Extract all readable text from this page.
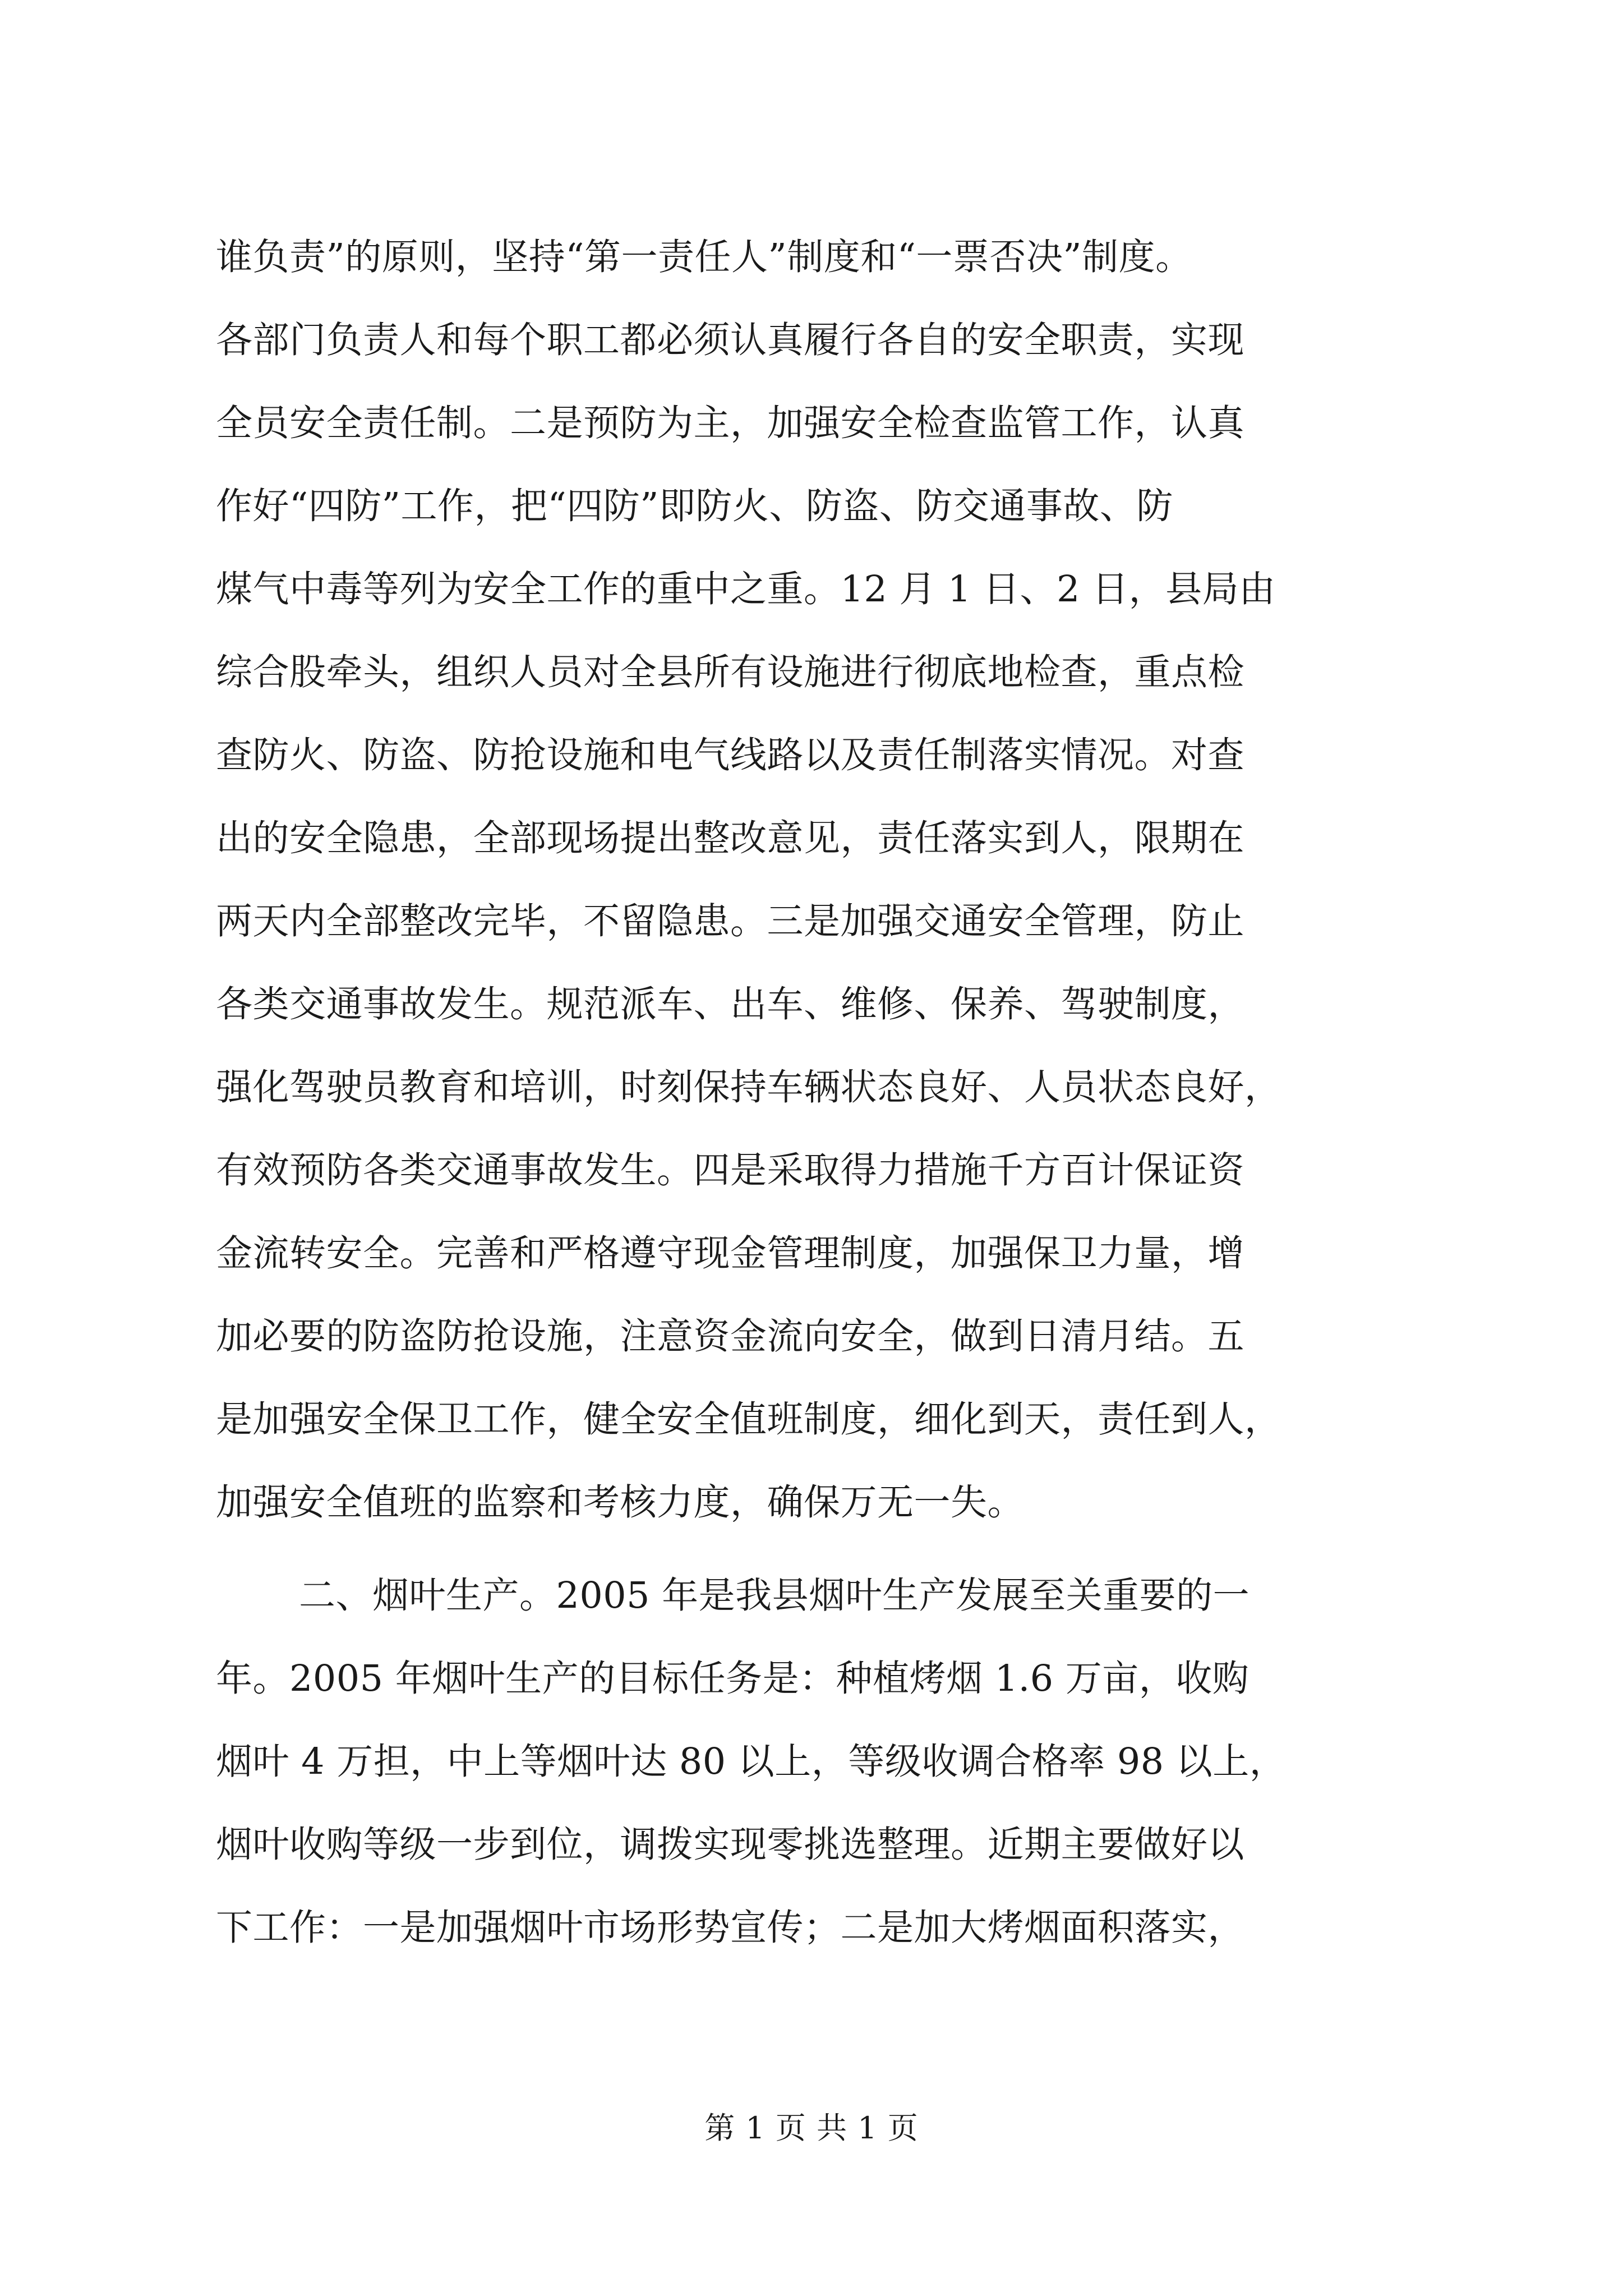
谁负责”的原则，坚持“第一责任人”制度和“一票否决”制度。
各部门负责人和每个职工都必须认真履行各自的安全职责，实现
全员安全责任制。二是预防为主，加强安全检查监管工作，认真
作好“四防”工作，把“四防”即防火、防盗、防交通事故、防
煤气中毒等列为安全工作的重中之重。12 月 1 日、2 日，县局由
综合股牵头，组织人员对全县所有设施进行彻底地检查，重点检
查防火、防盗、防抢设施和电气线路以及责任制落实情况。对查
出的安全隐患，全部现场提出整改意见，责任落实到人，限期在
两天内全部整改完毕，不留隐患。三是加强交通安全管理，防止
各类交通事故发生。规范派车、出车、维修、保养、驾驶制度，
强化驾驶员教育和培训，时刻保持车辆状态良好、人员状态良好，
有效预防各类交通事故发生。四是采取得力措施千方百计保证资
金流转安全。完善和严格遵守现金管理制度，加强保卫力量，增
加必要的防盗防抢设施，注意资金流向安全，做到日清月结。五
是加强安全保卫工作，健全安全值班制度，细化到天，责任到人，
加强安全值班的监察和考核力度，确保万无一失。
二、烟叶生产。2005 年是我县烟叶生产发展至关重要的一
年。2005 年烟叶生产的目标任务是：种植烤烟 1.6 万亩，收购
烟叶 4 万担，中上等烟叶达 80 以上，等级收调合格率 98 以上，
烟叶收购等级一步到位，调拨实现零挑选整理。近期主要做好以
下工作：一是加强烟叶市场形势宣传；二是加大烤烟面积落实，
第 1 页 共 1 页
